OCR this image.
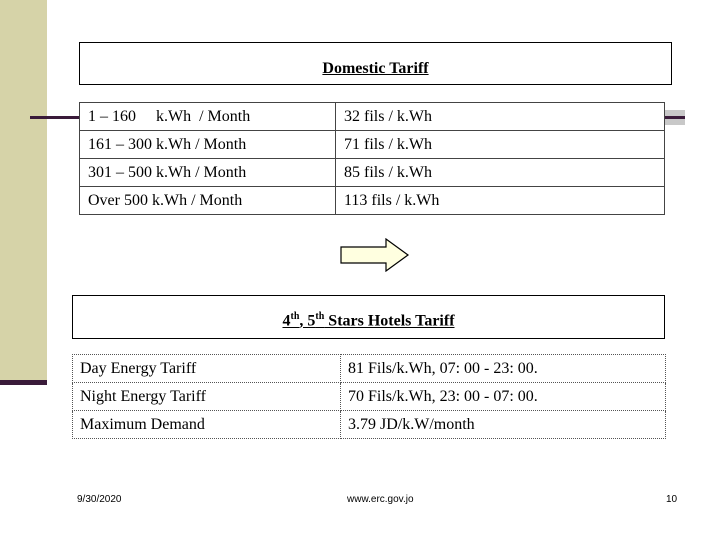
Domestic Tariff
1 – 160     k.Wh  / Month	32 fils / k.Wh
161 – 300 k.Wh / Month	71 fils / k.Wh
301 – 500 k.Wh / Month	85 fils / k.Wh
Over 500 k.Wh / Month	113 fils / k.Wh
4th, 5th Stars Hotels Tariff
Day Energy Tariff	81 Fils/k.Wh, 07: 00 - 23: 00.
Night Energy Tariff	70 Fils/k.Wh, 23: 00 - 07: 00.
Maximum Demand	3.79 JD/k.W/month
9/30/2020	www.erc.gov.jo	10
